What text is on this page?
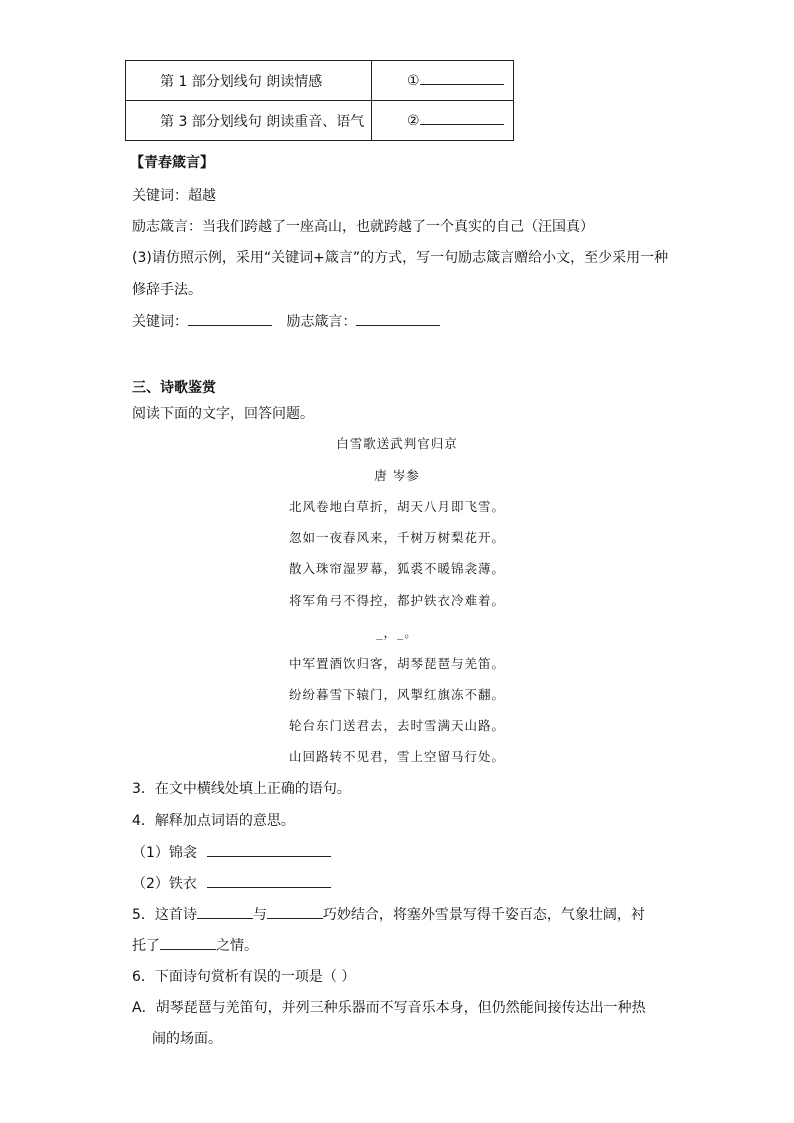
第 1 部分划线句 朗读情感	①
第 3 部分划线句 朗读重音、语气	②
【青春箴言】
关键词：超越
励志箴言：当我们跨越了一座高山，也就跨越了一个真实的自己（汪国真）
(3)请仿照示例，采用“关键词+箴言”的方式，写一句励志箴言赠给小文，至少采用一种
修辞手法。
关键词：	励志箴言：
三、诗歌鉴赏
阅读下面的文字，回答问题。
白雪歌送武判官归京
唐 岑参
北风卷地白草折，胡天八月即飞雪。
忽如一夜春风来，千树万树梨花开。
散入珠帘湿罗幕，狐裘不暖锦衾薄。
将军角弓不得控，都护铁衣冷难着。
_，_。
中军置酒饮归客，胡琴琵琶与羌笛。
纷纷暮雪下辕门，风掣红旗冻不翻。
轮台东门送君去，去时雪满天山路。
山回路转不见君，雪上空留马行处。
3．在文中横线处填上正确的语句。
4．解释加点词语的意思。
（1）锦衾
（2）铁衣
5．这首诗	与	巧妙结合，将塞外雪景写得千姿百态，气象壮阔，衬
托了	之情。
6．下面诗句赏析有误的一项是（ ）
A．胡琴琵琶与羌笛句，并列三种乐器而不写音乐本身，但仍然能间接传达出一种热
闹的场面。
